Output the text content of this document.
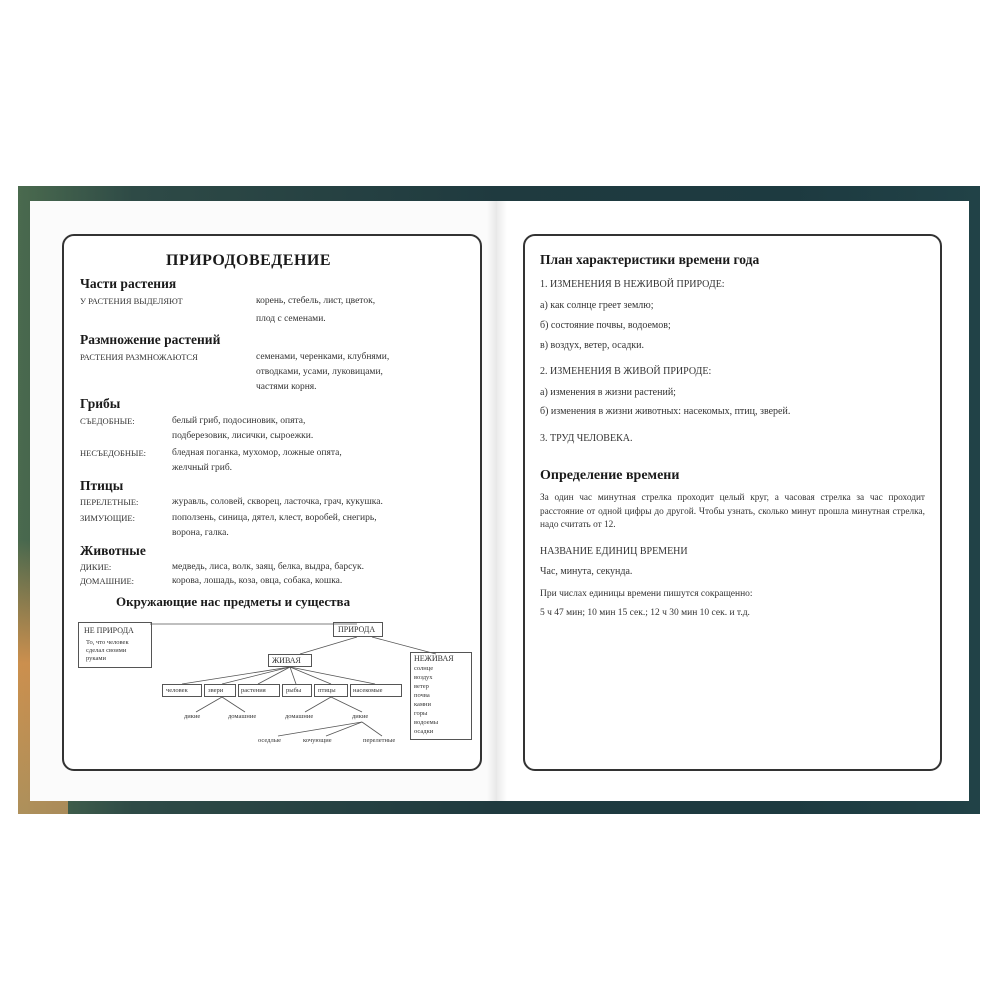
ПРИРОДОВЕДЕНИЕ
Части растения
У РАСТЕНИЯ ВЫДЕЛЯЮТ	корень, стебель, лист, цветок,
плод с семенами.
Размножение растений
РАСТЕНИЯ РАЗМНОЖАЮТСЯ	семенами, черенками, клубнями,
отводками, усами, луковицами,
частями корня.
Грибы
СЪЕДОБНЫЕ:	белый гриб, подосиновик, опята,
подберезовик, лисички, сыроежки.
НЕСЪЕДОБНЫЕ:	бледная поганка, мухомор, ложные опята,
желчный гриб.
Птицы
ПЕРЕЛЕТНЫЕ:	журавль, соловей, скворец, ласточка, грач, кукушка.
ЗИМУЮЩИЕ:	поползень, синица, дятел, клест, воробей, снегирь,
ворона, галка.
Животные
ДИКИЕ:	медведь, лиса, волк, заяц, белка, выдра, барсук.
ДОМАШНИЕ:	корова, лошадь, коза, овца, собака, кошка.
Окружающие нас предметы и существа
НЕ ПРИРОДА
То, что человек
сделал своими
руками
ПРИРОДА
ЖИВАЯ	НЕЖИВАЯ
солнце
воздух
ветер
почва
камни
горы
водоемы
осадки
человек	звери	растения	рыбы	птицы	насекомые
дикие	домашние	домашние	дикие
оседлые	кочующие	перелетные
План характеристики времени года
1. ИЗМЕНЕНИЯ В НЕЖИВОЙ ПРИРОДЕ:
а) как солнце греет землю;
б) состояние почвы, водоемов;
в) воздух, ветер, осадки.
2. ИЗМЕНЕНИЯ В ЖИВОЙ ПРИРОДЕ:
а) изменения в жизни растений;
б) изменения в жизни животных: насекомых, птиц, зверей.
3. ТРУД ЧЕЛОВЕКА.
Определение времени
За один час минутная стрелка проходит целый круг, а часовая стрелка за час проходит расстояние от одной цифры до другой. Чтобы узнать, сколько минут прошла минутная стрелка, надо считать от 12.
НАЗВАНИЕ ЕДИНИЦ ВРЕМЕНИ
Час, минута, секунда.
При числах единицы времени пишутся сокращенно:
5 ч 47 мин; 10 мин 15 сек.; 12 ч 30 мин 10 сек. и т.д.
